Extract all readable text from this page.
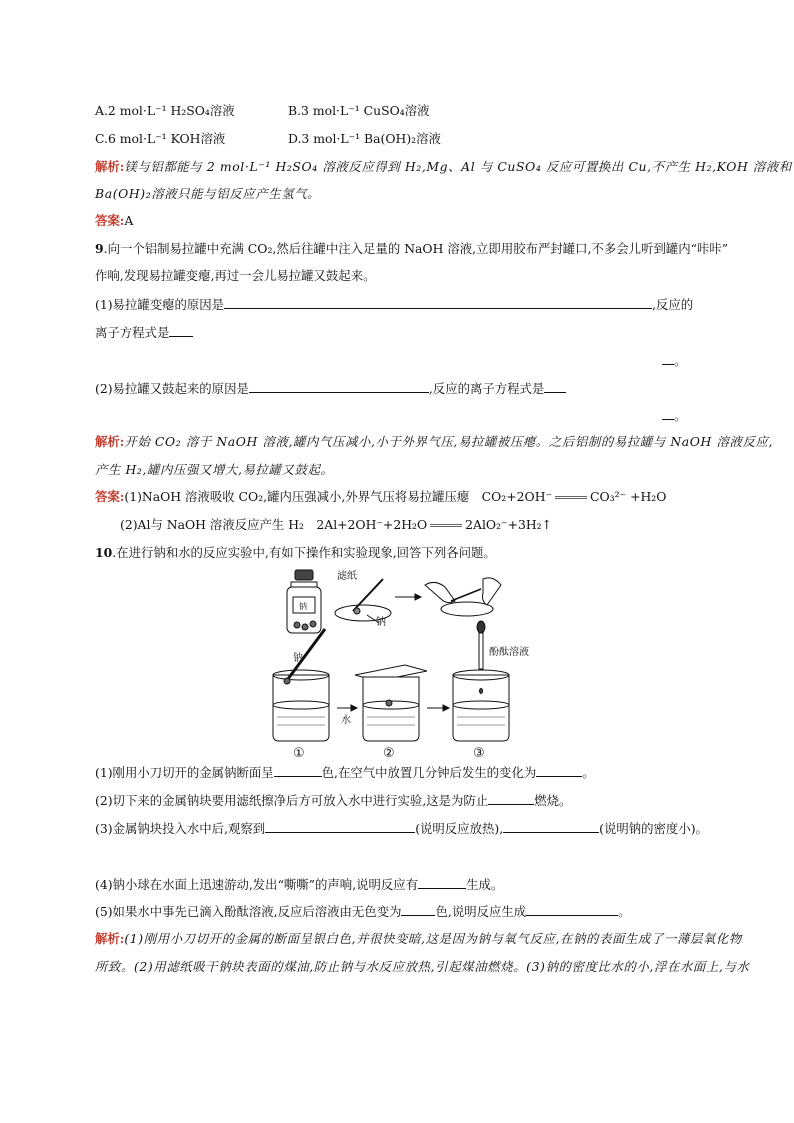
A.2 mol·L⁻¹ H₂SO₄溶液	B.3 mol·L⁻¹ CuSO₄溶液
C.6 mol·L⁻¹ KOH溶液	D.3 mol·L⁻¹ Ba(OH)₂溶液
解析:镁与铝都能与 2 mol·L⁻¹ H₂SO₄ 溶液反应得到 H₂,Mg、Al 与 CuSO₄ 反应可置换出 Cu,不产生 H₂,KOH 溶液和
Ba(OH)₂溶液只能与铝反应产生氢气。
答案:A
9.向一个铝制易拉罐中充满 CO₂,然后往罐中注入足量的 NaOH 溶液,立即用胶布严封罐口,不多会儿听到罐内“咔咔”
作响,发现易拉罐变瘪,再过一会儿易拉罐又鼓起来。
(1)易拉罐变瘪的原因是	,反应的
离子方程式是
。
(2)易拉罐又鼓起来的原因是	,反应的离子方程式是
。
解析:开始 CO₂ 溶于 NaOH 溶液,罐内气压减小,小于外界气压,易拉罐被压瘪。之后铝制的易拉罐与 NaOH 溶液反应,
产生 H₂,罐内压强又增大,易拉罐又鼓起。
答案:(1)NaOH 溶液吸收 CO₂,罐内压强减小,外界气压将易拉罐压瘪　CO₂+2OH⁻	CO₃²⁻ +H₂O
(2)Al与 NaOH 溶液反应产生 H₂　2Al+2OH⁻+2H₂O	2AlO₂⁻+3H₂↑
10.在进行钠和水的反应实验中,有如下操作和实验现象,回答下列各问题。
滤纸
钠
钠
钠
酚酞溶液
水
①	②	③
(1)刚用小刀切开的金属钠断面呈	色,在空气中放置几分钟后发生的变化为	。
(2)切下来的金属钠块要用滤纸擦净后方可放入水中进行实验,这是为防止	燃烧。
(3)金属钠块投入水中后,观察到	(说明反应放热),	(说明钠的密度小)。
(4)钠小球在水面上迅速游动,发出“嘶嘶”的声响,说明反应有	生成。
(5)如果水中事先已滴入酚酞溶液,反应后溶液由无色变为	色,说明反应生成	。
解析:(1)刚用小刀切开的金属的断面呈银白色,并很快变暗,这是因为钠与氧气反应,在钠的表面生成了一薄层氧化物
所致。(2)用滤纸吸干钠块表面的煤油,防止钠与水反应放热,引起煤油燃烧。(3)钠的密度比水的小,浮在水面上,与水
